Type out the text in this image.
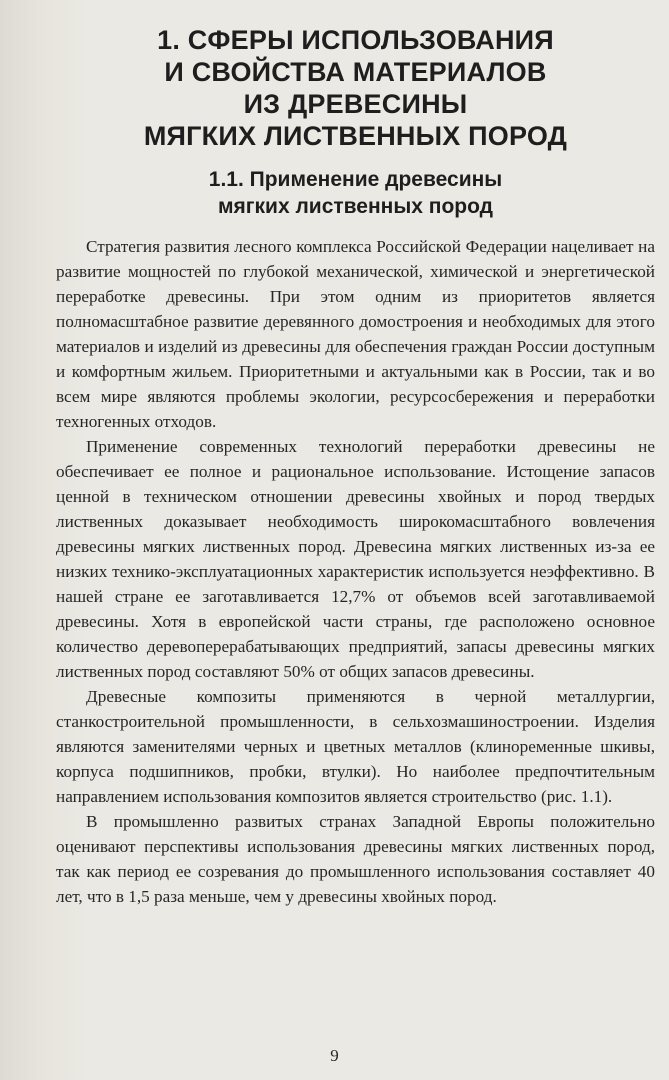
1. СФЕРЫ ИСПОЛЬЗОВАНИЯ
И СВОЙСТВА МАТЕРИАЛОВ
ИЗ ДРЕВЕСИНЫ
МЯГКИХ ЛИСТВЕННЫХ ПОРОД
1.1. Применение древесины
мягких лиственных пород

Стратегия развития лесного комплекса Российской Федерации нацеливает на развитие мощностей по глубокой механической, химической и энергетической переработке древесины. При этом одним из приоритетов является полномасштабное развитие деревянного домостроения и необходимых для этого материалов и изделий из древесины для обеспечения граждан России доступным и комфортным жильем. Приоритетными и актуальными как в России, так и во всем мире являются проблемы экологии, ресурсосбережения и переработки техногенных отходов.

Применение современных технологий переработки древесины не обеспечивает ее полное и рациональное использование. Истощение запасов ценной в техническом отношении древесины хвойных и пород твердых лиственных доказывает необходимость широкомасштабного вовлечения древесины мягких лиственных пород. Древесина мягких лиственных из-за ее низких технико-эксплуатационных характеристик используется неэффективно. В нашей стране ее заготавливается 12,7% от объемов всей заготавливаемой древесины. Хотя в европейской части страны, где расположено основное количество деревоперерабатывающих предприятий, запасы древесины мягких лиственных пород составляют 50% от общих запасов древесины.

Древесные композиты применяются в черной металлургии, станкостроительной промышленности, в сельхозмашиностроении. Изделия являются заменителями черных и цветных металлов (клиноременные шкивы, корпуса подшипников, пробки, втулки). Но наиболее предпочтительным направлением использования композитов является строительство (рис. 1.1).

В промышленно развитых странах Западной Европы положительно оценивают перспективы использования древесины мягких лиственных пород, так как период ее созревания до промышленного использования составляет 40 лет, что в 1,5 раза меньше, чем у древесины хвойных пород.

9
